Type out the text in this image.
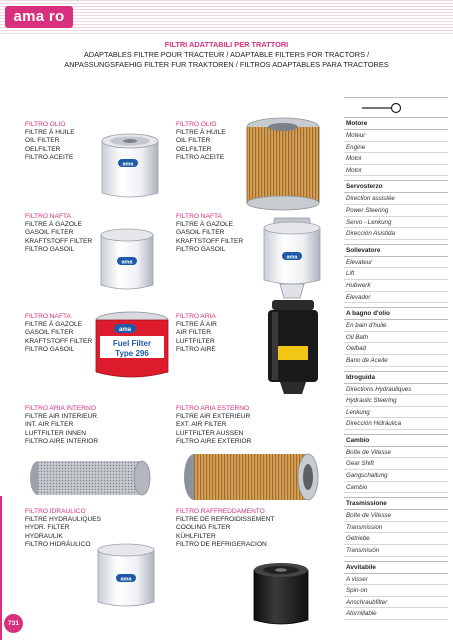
ama ro
FILTRI ADATTABILI PER TRATTORI
ADAPTABLES FILTRE POUR TRACTEUR / ADAPTABLE FILTERS FOR TRACTORS /
ANPASSUNGSFAEHIG FILTER FUR TRAKTOREN / FILTROS ADAPTABLES PARA TRACTORES
FILTRO OLIO
FILTRE À HUILE
OIL FILTER
OELFILTER
FILTRO ACEITE
FILTRO OLIO
FILTRE À HUILE
OIL FILTER
OELFILTER
FILTRO ACEITE
FILTRO NAFTA
FILTRE À GAZOLE
GASOIL FILTER
KRAFTSTOFF FILTER
FILTRO GASOIL
FILTRO NAFTA
FILTRE À GAZOLE
GASOIL FILTER
KRAFTSTOFF FILTER
FILTRO GASOIL
FILTRO NAFTA
FILTRE À GAZOLE
GASOIL FILTER
KRAFTSTOFF FILTER
FILTRO GASOIL
FILTRO ARIA
FILTRE À AIR
AIR FILTER
LUFTFILTER
FILTRO AIRE
FILTRO ARIA INTERNO
FILTRE AIR INTERIEUR
INT. AIR FILTER
LUFTFILTER INNEN
FILTRO AIRE INTERIOR
FILTRO ARIA ESTERNO
FILTRE AIR EXTERIEUR
EXT. AIR FILTER
LUFTFILTER AUSSEN
FILTRO AIRE EXTERIOR
FILTRO IDRAULICO
FILTRE HYDRAULIQUES
HYDR. FILTER
HYDRAULIK
FILTRO HIDRÁULICO
FILTRO RAFFREDDAMENTO
FILTRE DE REFROIDISSEMENT
COOLING FILTER
KÜHLFILTER
FILTRO DE REFRIGERACION
ama
ama
ama
ama
Fuel Filter
Type 296
ama
Motore
Moteur
Engine
Motor
Motor
Servosterzo
Direction assistée
Power Steering
Servo - Lenkung
Dirección Asistida
Sollevatore
Elevateur
Lift
Hubwerk
Elevador
A bagno d'olio
En bain d'huile
Oil Bath
Oelbad
Bano de Aceite
Idroguida
Directions Hydrauliques
Hydraulic Steering
Lenkung
Dirección Hidráulica
Cambio
Boîte de Vitesse
Gear Shift
Gangschaltung
Cambio
Trasmissione
Boîte de Vitesse
Transmission
Getriebe
Transmisión
Avvitabile
A visser
Spin-on
Anschraubfilter
Atornillable
731
